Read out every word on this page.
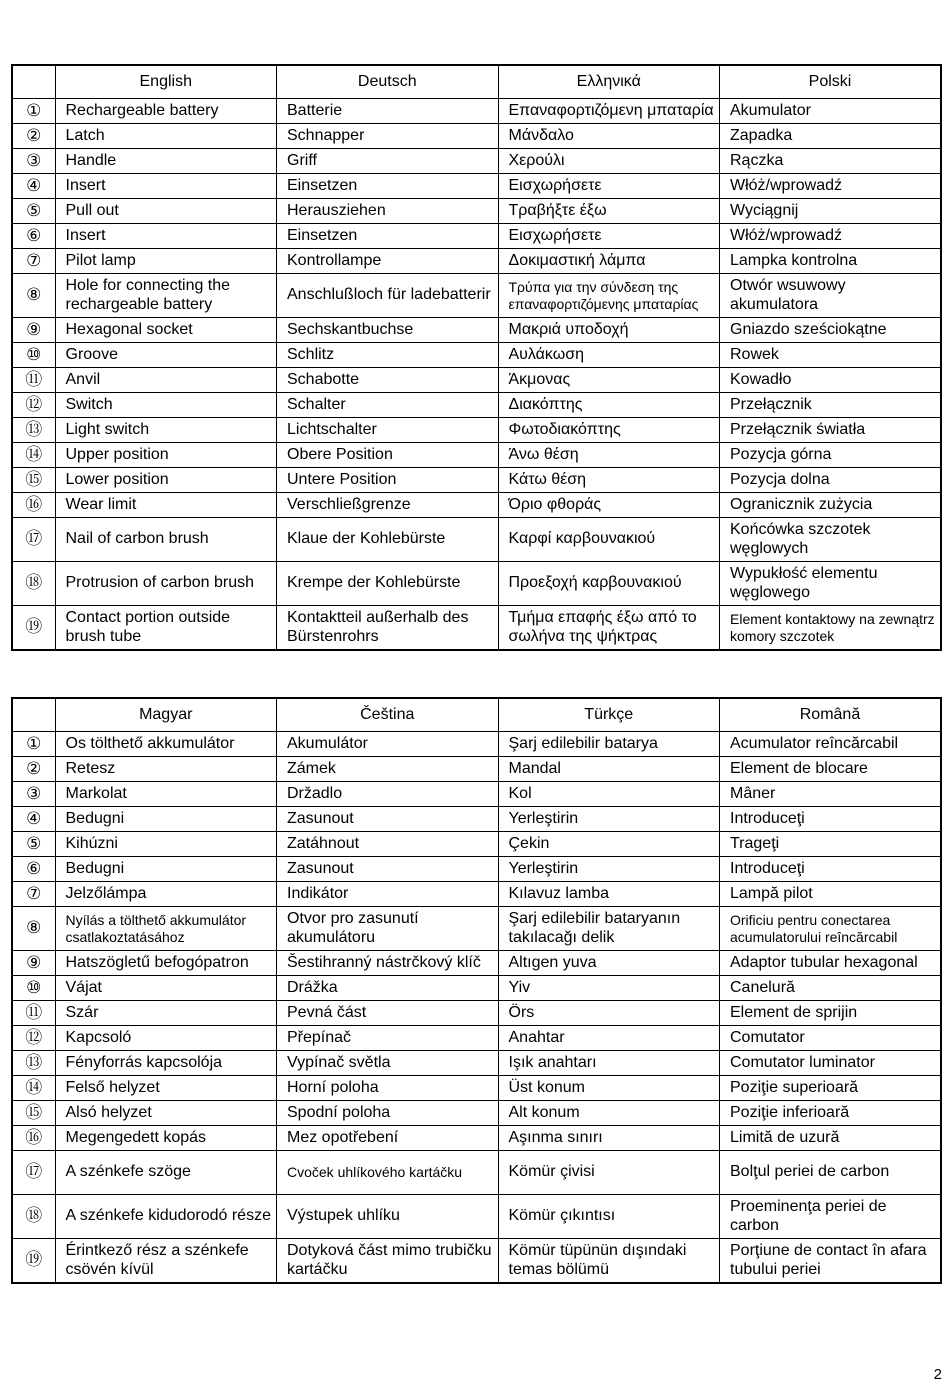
	English	Deutsch	Ελληνικά	Polski
①	Rechargeable battery	Batterie	Επαναφορτιζόμενη μπαταρία	Akumulator
②	Latch	Schnapper	Μάνδαλο	Zapadka
③	Handle	Griff	Χερούλι	Rączka
④	Insert	Einsetzen	Εισχωρήσετε	Włóż/wprowadź
⑤	Pull out	Herausziehen	Τραβήξτε έξω	Wyciągnij
⑥	Insert	Einsetzen	Εισχωρήσετε	Włóż/wprowadź
⑦	Pilot lamp	Kontrollampe	Δοκιμαστική λάμπα	Lampka kontrolna
⑧	Hole for connecting the rechargeable battery	Anschlußloch für ladebatterir	Τρύπα για την σύνδεση της επαναφορτιζόμενης μπαταρίας	Otwór wsuwowy akumulatora
⑨	Hexagonal socket	Sechskantbuchse	Μακριά υποδοχή	Gniazdo sześciokątne
⑩	Groove	Schlitz	Αυλάκωση	Rowek
⑪	Anvil	Schabotte	Άκμονας	Kowadło
⑫	Switch	Schalter	Διακόπτης	Przełącznik
⑬	Light switch	Lichtschalter	Φωτοδιακόπτης	Przełącznik światła
⑭	Upper position	Obere Position	Άνω θέση	Pozycja górna
⑮	Lower position	Untere Position	Κάτω θέση	Pozycja dolna
⑯	Wear limit	Verschließgrenze	Όριο φθοράς	Ogranicznik zużycia
⑰	Nail of carbon brush	Klaue der Kohlebürste	Καρφί καρβουνακιού	Końcówka szczotek węglowych
⑱	Protrusion of carbon brush	Krempe der Kohlebürste	Προεξοχή καρβουνακιού	Wypukłość elementu węglowego
⑲	Contact portion outside brush tube	Kontaktteil außerhalb des Bürstenrohrs	Τμήμα επαφής έξω από το σωλήνα της ψήκτρας	Element kontaktowy na zewnątrz komory szczotek
	Magyar	Čeština	Türkçe	Română
①	Os tölthető akkumulátor	Akumulátor	Şarj edilebilir batarya	Acumulator reîncărcabil
②	Retesz	Zámek	Mandal	Element de blocare
③	Markolat	Držadlo	Kol	Mâner
④	Bedugni	Zasunout	Yerleştirin	Introduceţi
⑤	Kihúzni	Zatáhnout	Çekin	Trageţi
⑥	Bedugni	Zasunout	Yerleştirin	Introduceţi
⑦	Jelzőlámpa	Indikátor	Kılavuz lamba	Lampă pilot
⑧	Nyílás a tölthető akkumulátor csatlakoztatásához	Otvor pro zasunutí akumulátoru	Şarj edilebilir bataryanın takılacağı delik	Orificiu pentru conectarea acumulatorului reîncărcabil
⑨	Hatszögletű befogópatron	Šestihranný nástrčkový klíč	Altıgen yuva	Adaptor tubular hexagonal
⑩	Vájat	Drážka	Yiv	Canelură
⑪	Szár	Pevná část	Örs	Element de sprijin
⑫	Kapcsoló	Přepínač	Anahtar	Comutator
⑬	Fényforrás kapcsolója	Vypínač světla	Işık anahtarı	Comutator luminator
⑭	Felső helyzet	Horní poloha	Üst konum	Poziţie superioară
⑮	Alsó helyzet	Spodní poloha	Alt konum	Poziţie inferioară
⑯	Megengedett kopás	Mez opotřebení	Aşınma sınırı	Limită de uzură
⑰	A szénkefe szöge	Cvoček uhlíkového kartáčku	Kömür çivisi	Bolţul periei de carbon
⑱	A szénkefe kidudorodó része	Výstupek uhlíku	Kömür çıkıntısı	Proeminenţa periei de carbon
⑲	Érintkező rész a szénkefe csövén kívül	Dotyková část mimo trubičku kartáčku	Kömür tüpünün dışındaki temas bölümü	Porţiune de contact în afara tubului periei
2
